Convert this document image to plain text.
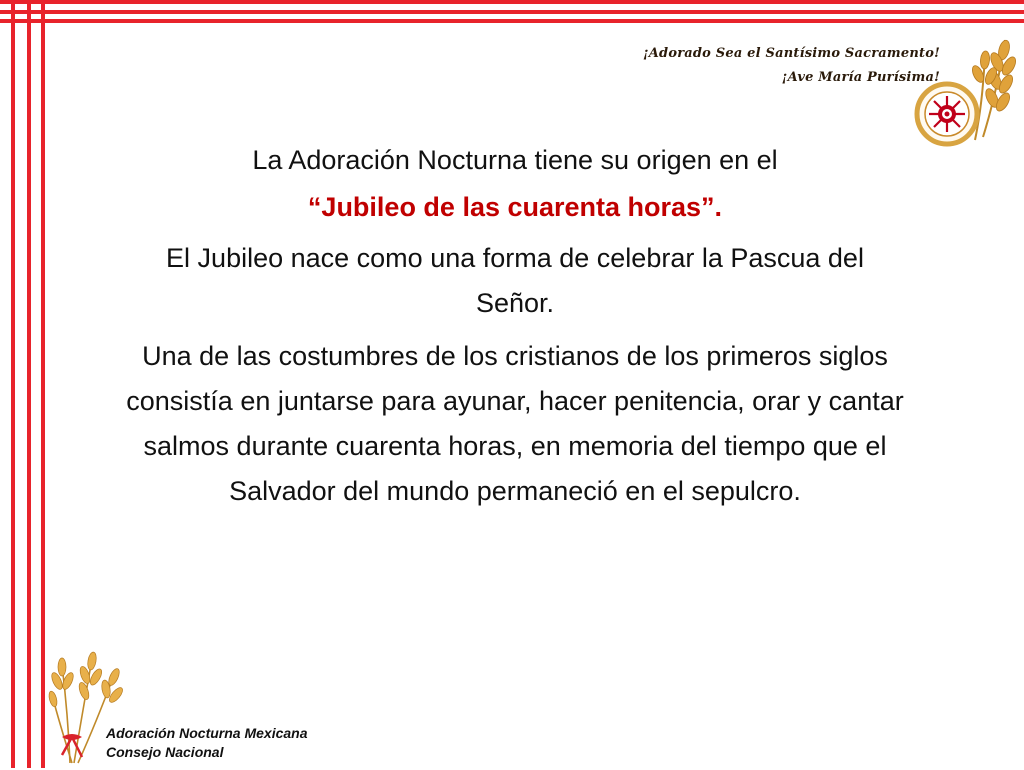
¡Adorado Sea el Santísimo Sacramento!
¡Ave María Purísima!

La Adoración Nocturna tiene su origen en el

“Jubileo de las cuarenta horas”.

El Jubileo nace como una forma de celebrar la Pascua del Señor.

Una de las costumbres de los cristianos de los primeros siglos consistía en juntarse para ayunar, hacer penitencia, orar y cantar salmos durante cuarenta horas, en memoria del tiempo que el Salvador del mundo permaneció en el sepulcro.

Adoración Nocturna Mexicana
Consejo Nacional
